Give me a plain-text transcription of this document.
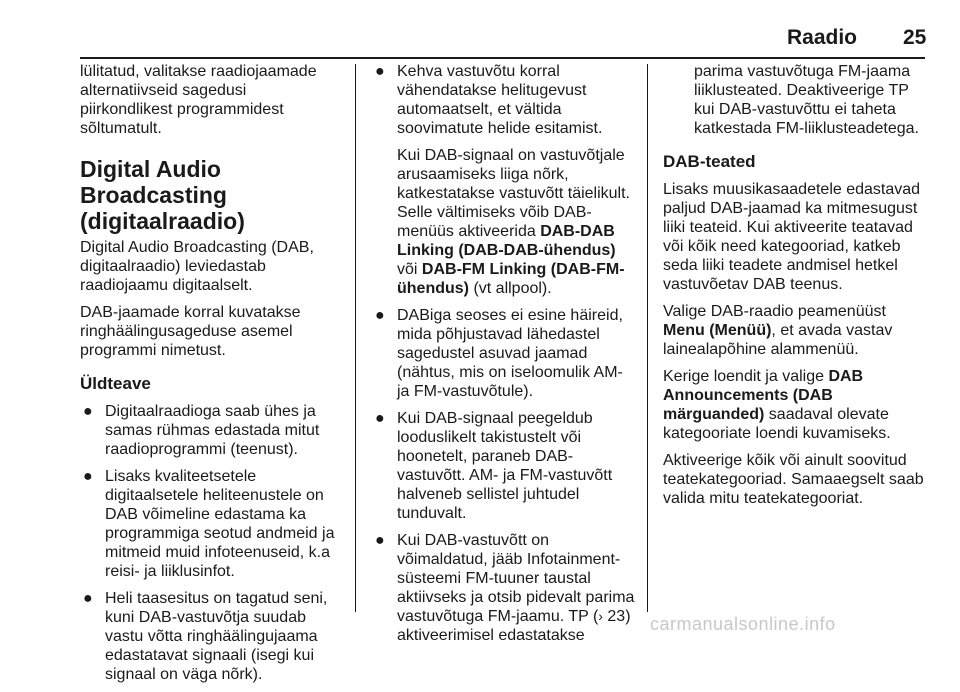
Raadio 25

lülitatud, valitakse raadiojaamade alternatiivseid sagedusi piirkondlikest programmidest sõltumatult.

Digital Audio Broadcasting (digitaalraadio)

Digital Audio Broadcasting (DAB, digitaalraadio) leviedastab raadiojaamu digitaalselt.

DAB-jaamade korral kuvatakse ringhäälingusageduse asemel programmi nimetust.

Üldteave
● Digitaalraadioga saab ühes ja samas rühmas edastada mitut raadioprogrammi (teenust).
● Lisaks kvaliteetsetele digitaalsetele heliteenustele on DAB võimeline edastama ka programmiga seotud andmeid ja mitmeid muid infoteenuseid, k.a reisi- ja liiklusinfot.
● Heli taasesitus on tagatud seni, kuni DAB-vastuvõtja suudab vastu võtta ringhäälingujaama edastatavat signaali (isegi kui signaal on väga nõrk).
● Kehva vastuvõtu korral vähendatakse helitugevust automaatselt, et vältida soovimatute helide esitamist.

Kui DAB-signaal on vastuvõtjale arusaamiseks liiga nõrk, katkestatakse vastuvõtt täielikult. Selle vältimiseks võib DAB-menüüs aktiveerida DAB-DAB Linking (DAB-DAB-ühendus) või DAB-FM Linking (DAB-FM-ühendus) (vt allpool).

● DABiga seoses ei esine häireid, mida põhjustavad lähedastel sagedustel asuvad jaamad (nähtus, mis on iseloomulik AM- ja FM-vastuvõtule).
● Kui DAB-signaal peegeldub looduslikelt takistustelt või hoonetelt, paraneb DAB-vastuvõtt. AM- ja FM-vastuvõtt halveneb sellistel juhtudel tunduvalt.
● Kui DAB-vastuvõtt on võimaldatud, jääb Infotainment-süsteemi FM-tuuner taustal aktiivseks ja otsib pidevalt parima vastuvõtuga FM-jaamu. TP (› 23) aktiveerimisel edastatakse

parima vastuvõtuga FM-jaama liiklusteated. Deaktiveerige TP kui DAB-vastuvõttu ei taheta katkestada FM-liiklusteadetega.

DAB-teated

Lisaks muusikasaadetele edastavad paljud DAB-jaamad ka mitmesugust liiki teateid. Kui aktiveerite teatavad või kõik need kategooriad, katkeb seda liiki teadete andmisel hetkel vastuvõetav DAB teenus.

Valige DAB-raadio peamenüüst Menu (Menüü), et avada vastav lainealapõhine alammenüü.

Kerige loendit ja valige DAB Announcements (DAB märguanded) saadaval olevate kategooriate loendi kuvamiseks.

Aktiveerige kõik või ainult soovitud teatekategooriad. Samaaegselt saab valida mitu teatekategooriat.

carmanualsonline.info
